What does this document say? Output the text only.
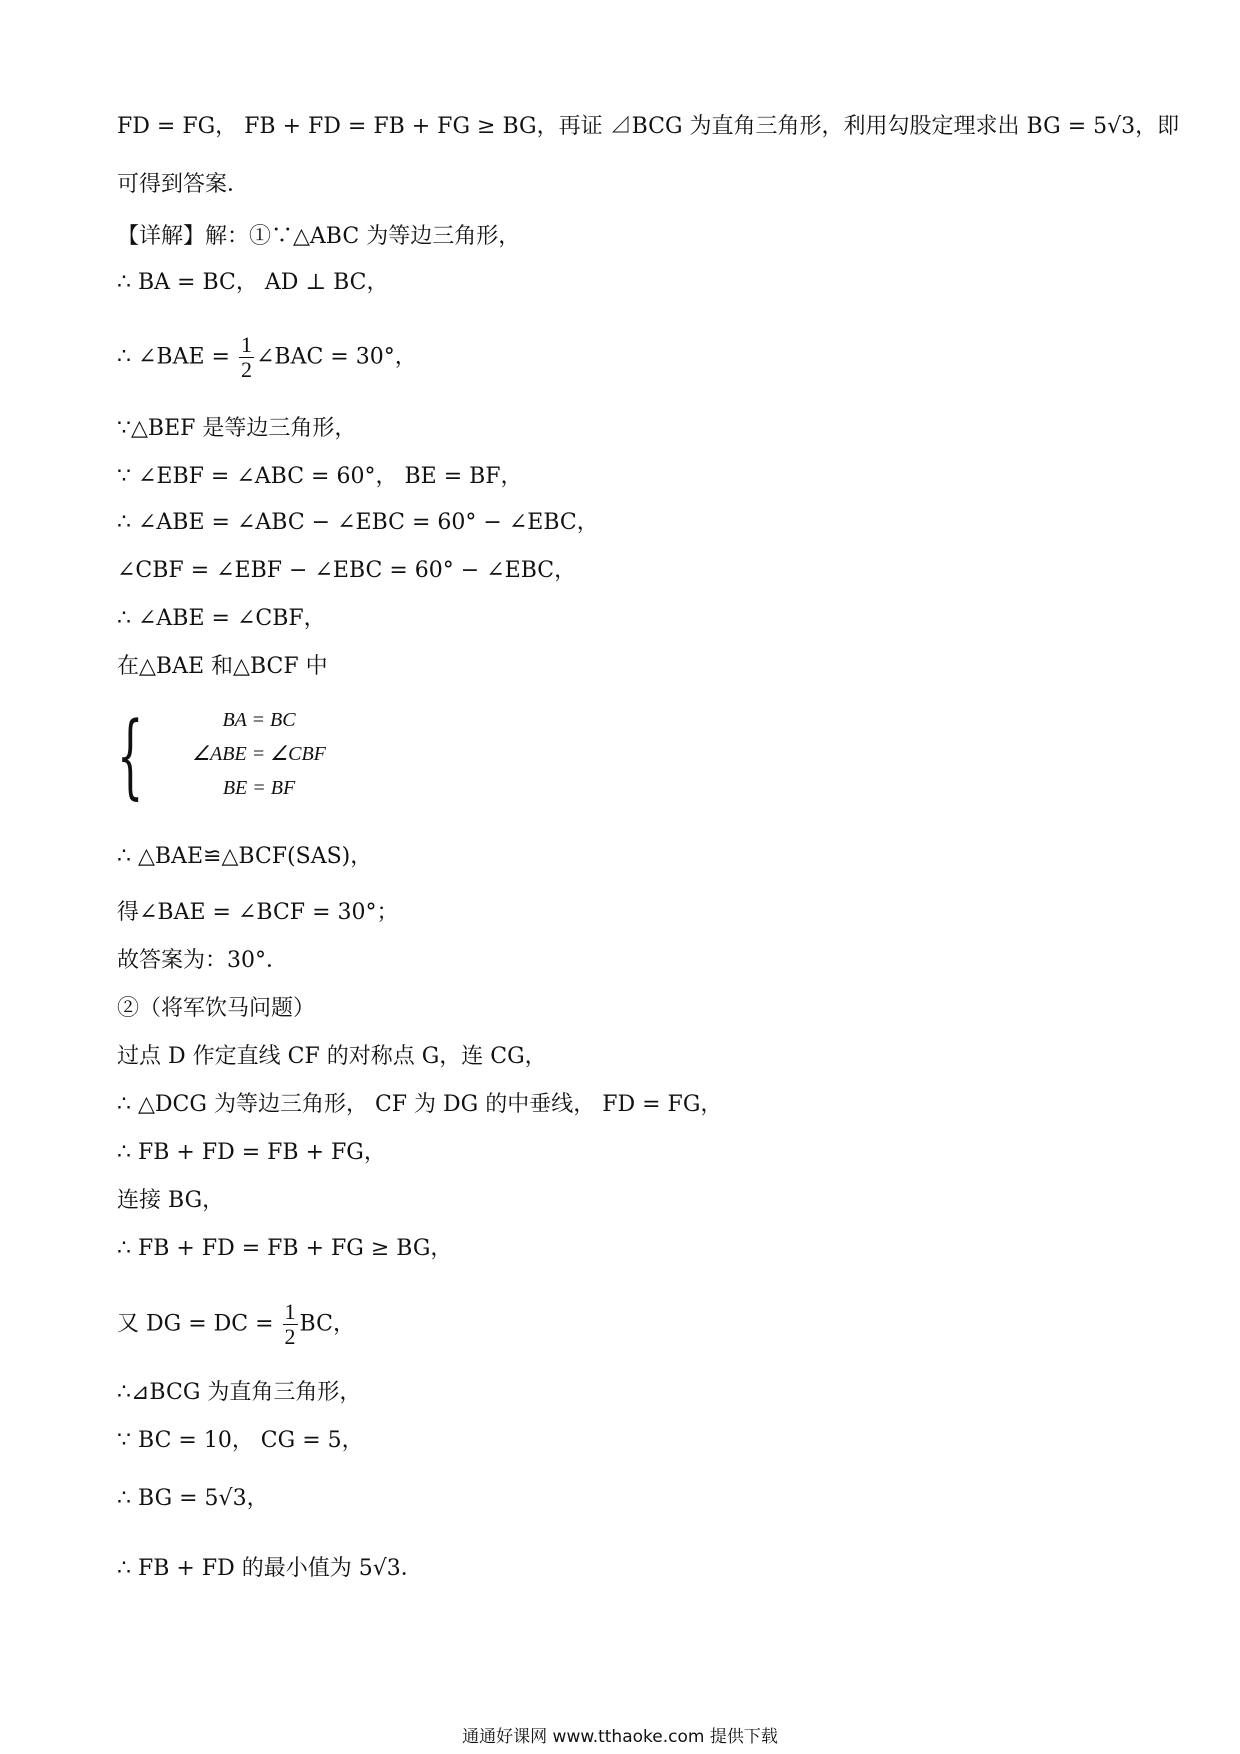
∴ ∠BAE = $\frac{1}{2}$ ∠BAC = 30°，
{	BA = BC
∠ABE = ∠CBF
BE = BF
又 DG = DC = $\frac{1}{2}$ BC，
通通好课网 www.tthaoke.com 提供下载
FD = FG， FB + FD = FB + FG ≥ BG，再证 ⊿BCG 为直角三角形，利用勾股定理求出 BG = 5√3，即
可得到答案．
【详解】解：①∵△ABC 为等边三角形，
∴ BA = BC， AD ⊥ BC，
∵△BEF 是等边三角形，
∵ ∠EBF = ∠ABC = 60°， BE = BF，
∴ ∠ABE = ∠ABC − ∠EBC = 60° − ∠EBC，
∠CBF = ∠EBF − ∠EBC = 60° − ∠EBC，
∴ ∠ABE = ∠CBF，
在△BAE 和△BCF 中
∴ △BAE≌△BCF(SAS)，
得∠BAE = ∠BCF = 30°；
故答案为：30°．
②（将军饮马问题）
过点 D 作定直线 CF 的对称点 G，连 CG，
∴ △DCG 为等边三角形， CF 为 DG 的中垂线， FD = FG，
∴ FB + FD = FB + FG，
连接 BG，
∴ FB + FD = FB + FG ≥ BG，
∴⊿BCG 为直角三角形，
∵ BC = 10， CG = 5，
∴ BG = 5√3，
∴ FB + FD 的最小值为 5√3．
